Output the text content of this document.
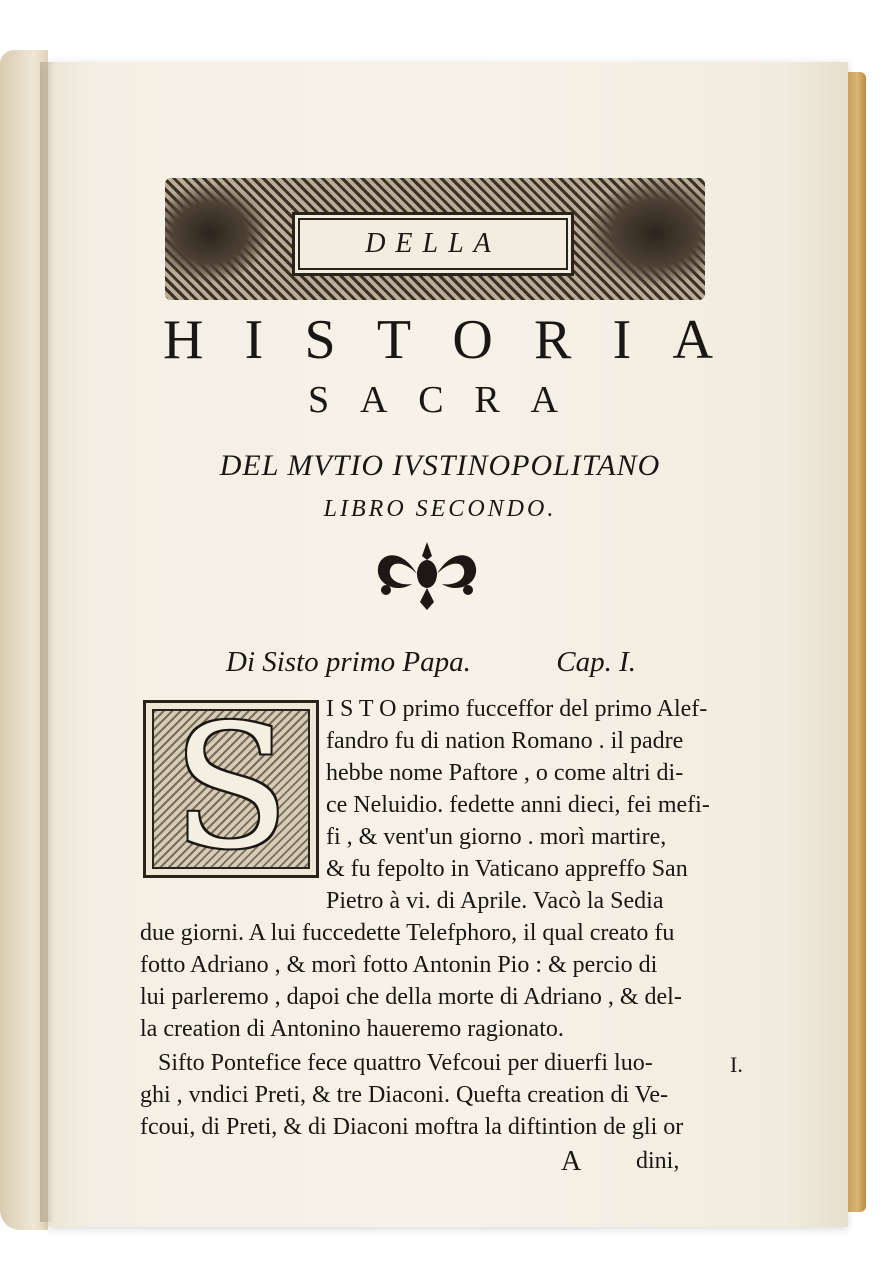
DELLA
H I S T O R I A
S A C R A
DEL MVTIO IVSTINOPOLITANO
LIBRO SECONDO.
Di Sisto primo Papa.	Cap. I.
S	I S T O primo fucceffor del primo Alef-
fandro fu di nation Romano . il padre
hebbe nome Paftore , o come altri di-
ce Neluidio. fedette anni dieci, fei mefi-
fi , & vent'un giorno . morì martire,
& fu fepolto in Vaticano appreffo San
Pietro à vi. di Aprile. Vacò la Sedia
due giorni. A lui fuccedette Telefphoro, il qual creato fu
fotto Adriano , & morì fotto Antonin Pio : & percio di
lui parleremo , dapoi che della morte di Adriano , & del-
la creation di Antonino haueremo ragionato.
Sifto Pontefice fece quattro Vefcoui per diuerfi luo-
ghi , vndici Preti, & tre Diaconi. Quefta creation di Ve-
fcoui, di Preti, & di Diaconi moftra la diftintion de gli or
I.
A	dini,
